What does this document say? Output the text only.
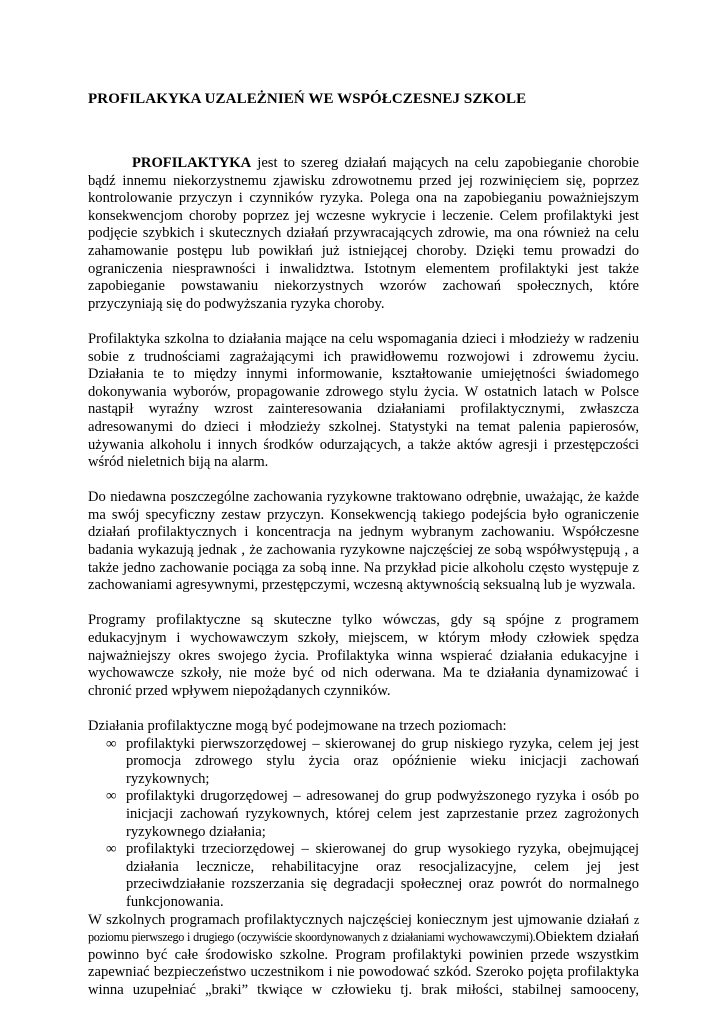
PROFILAKYKA UZALEŻNIEŃ WE WSPÓŁCZESNEJ SZKOLE

PROFILAKTYKA jest to szereg działań mających na celu zapobieganie chorobie bądź innemu niekorzystnemu zjawisku zdrowotnemu przed jej rozwinięciem się, poprzez kontrolowanie przyczyn i czynników ryzyka. Polega ona na zapobieganiu poważniejszym konsekwencjom choroby poprzez jej wczesne wykrycie i leczenie. Celem profilaktyki jest podjęcie szybkich i skutecznych działań przywracających zdrowie, ma ona również na celu zahamowanie postępu lub powikłań już istniejącej choroby. Dzięki temu prowadzi do ograniczenia niesprawności i inwalidztwa. Istotnym elementem profilaktyki jest także zapobieganie powstawaniu niekorzystnych wzorów zachowań społecznych, które przyczyniają się do podwyższania ryzyka choroby.

Profilaktyka szkolna to działania mające na celu wspomagania dzieci i młodzieży w radzeniu sobie z trudnościami zagrażającymi ich prawidłowemu rozwojowi i zdrowemu życiu. Działania te to między innymi informowanie, kształtowanie umiejętności świadomego dokonywania wyborów, propagowanie zdrowego stylu życia. W ostatnich latach w Polsce nastąpił wyraźny wzrost zainteresowania działaniami profilaktycznymi, zwłaszcza adresowanymi do dzieci i młodzieży szkolnej. Statystyki na temat palenia papierosów, używania alkoholu i innych środków odurzających, a także aktów agresji i przestępczości wśród nieletnich biją na alarm.

Do niedawna poszczególne zachowania ryzykowne traktowano odrębnie, uważając, że każde ma swój specyficzny zestaw przyczyn. Konsekwencją takiego podejścia było ograniczenie działań profilaktycznych i koncentracja na jednym wybranym zachowaniu. Współczesne badania wykazują jednak , że zachowania ryzykowne najczęściej ze sobą współwystępują , a także jedno zachowanie pociąga za sobą inne. Na przykład picie alkoholu często występuje z zachowaniami agresywnymi, przestępczymi, wczesną aktywnością seksualną lub je wyzwala.

Programy profilaktyczne są skuteczne tylko wówczas, gdy są spójne z programem edukacyjnym i wychowawczym szkoły, miejscem, w którym młody człowiek spędza najważniejszy okres swojego życia. Profilaktyka winna wspierać działania edukacyjne i wychowawcze szkoły, nie może być od nich oderwana. Ma te działania dynamizować i chronić przed wpływem niepożądanych czynników.

Działania profilaktyczne mogą być podejmowane na trzech poziomach:

∞ profilaktyki pierwszorzędowej – skierowanej do grup niskiego ryzyka, celem jej jest promocja zdrowego stylu życia oraz opóźnienie wieku inicjacji zachowań ryzykownych;
∞ profilaktyki drugorzędowej – adresowanej do grup podwyższonego ryzyka i osób po inicjacji zachowań ryzykownych, której celem jest zaprzestanie przez zagrożonych ryzykownego działania;
∞ profilaktyki trzeciorzędowej – skierowanej do grup wysokiego ryzyka, obejmującej działania lecznicze, rehabilitacyjne oraz resocjalizacyjne, celem jej jest przeciwdziałanie rozszerzania się degradacji społecznej oraz powrót do normalnego funkcjonowania.

W szkolnych programach profilaktycznych najczęściej koniecznym jest ujmowanie działań z poziomu pierwszego i drugiego (oczywiście skoordynowanych z działaniami wychowawczymi).Obiektem działań powinno być całe środowisko szkolne. Program profilaktyki powinien przede wszystkim zapewniać bezpieczeństwo uczestnikom i nie powodować szkód. Szeroko pojęta profilaktyka winna uzupełniać „braki” tkwiące w człowieku tj. brak miłości, stabilnej samooceny,
